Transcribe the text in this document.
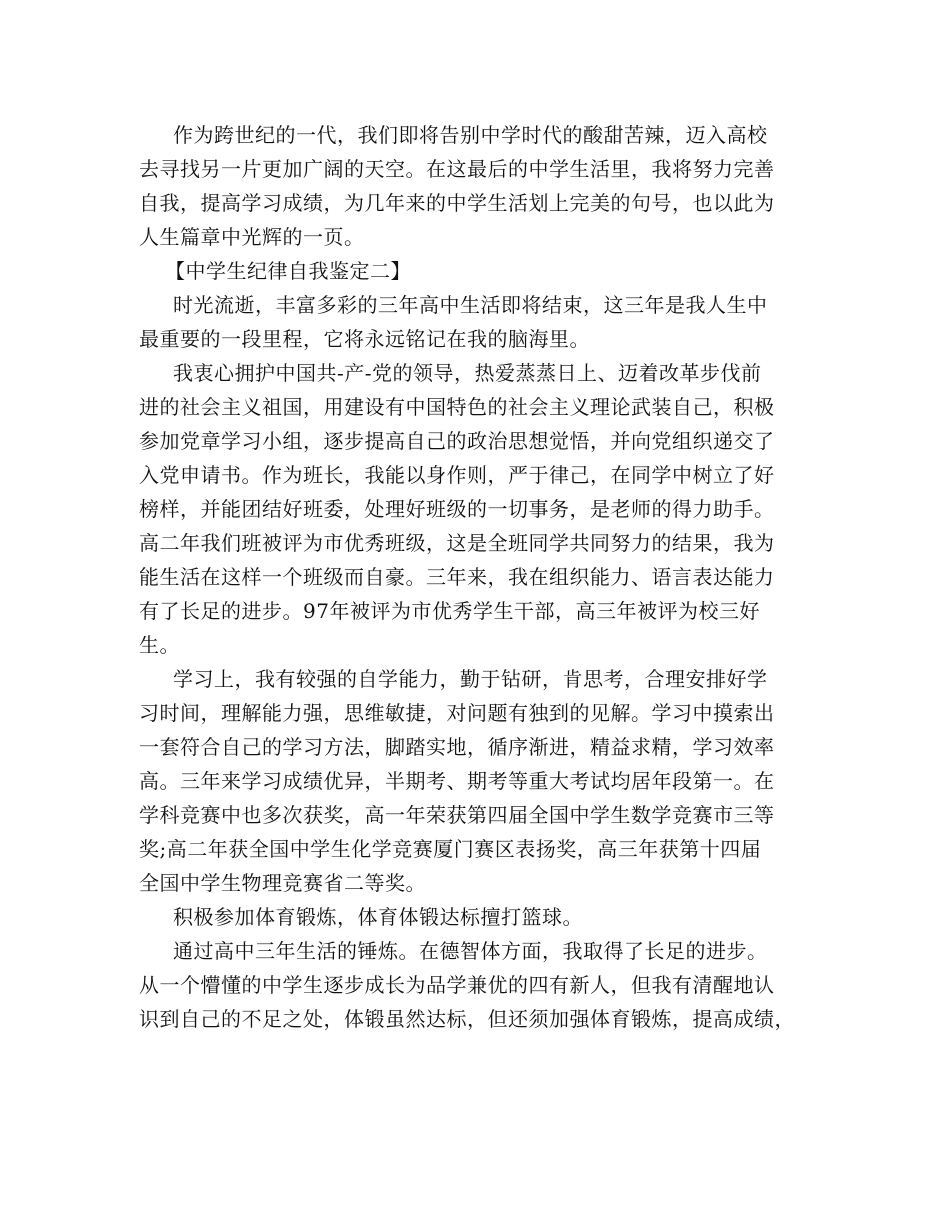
作为跨世纪的一代，我们即将告别中学时代的酸甜苦辣，迈入高校
去寻找另一片更加广阔的天空。在这最后的中学生活里，我将努力完善
自我，提高学习成绩，为几年来的中学生活划上完美的句号，也以此为
人生篇章中光辉的一页。
【中学生纪律自我鉴定二】
时光流逝，丰富多彩的三年高中生活即将结束，这三年是我人生中
最重要的一段里程，它将永远铭记在我的脑海里。
我衷心拥护中国共-产-党的领导，热爱蒸蒸日上、迈着改革步伐前
进的社会主义祖国，用建设有中国特色的社会主义理论武装自己，积极
参加党章学习小组，逐步提高自己的政治思想觉悟，并向党组织递交了
入党申请书。作为班长，我能以身作则，严于律己，在同学中树立了好
榜样，并能团结好班委，处理好班级的一切事务，是老师的得力助手。
高二年我们班被评为市优秀班级，这是全班同学共同努力的结果，我为
能生活在这样一个班级而自豪。三年来，我在组织能力、语言表达能力
有了长足的进步。97年被评为市优秀学生干部，高三年被评为校三好
生。
学习上，我有较强的自学能力，勤于钻研，肯思考，合理安排好学
习时间，理解能力强，思维敏捷，对问题有独到的见解。学习中摸索出
一套符合自己的学习方法，脚踏实地，循序渐进，精益求精，学习效率
高。三年来学习成绩优异，半期考、期考等重大考试均居年段第一。在
学科竞赛中也多次获奖，高一年荣获第四届全国中学生数学竞赛市三等
奖;高二年获全国中学生化学竞赛厦门赛区表扬奖，高三年获第十四届
全国中学生物理竞赛省二等奖。
积极参加体育锻炼，体育体锻达标擅打篮球。
通过高中三年生活的锤炼。在德智体方面，我取得了长足的进步。
从一个懵懂的中学生逐步成长为品学兼优的四有新人，但我有清醒地认
识到自己的不足之处，体锻虽然达标，但还须加强体育锻炼，提高成绩，
